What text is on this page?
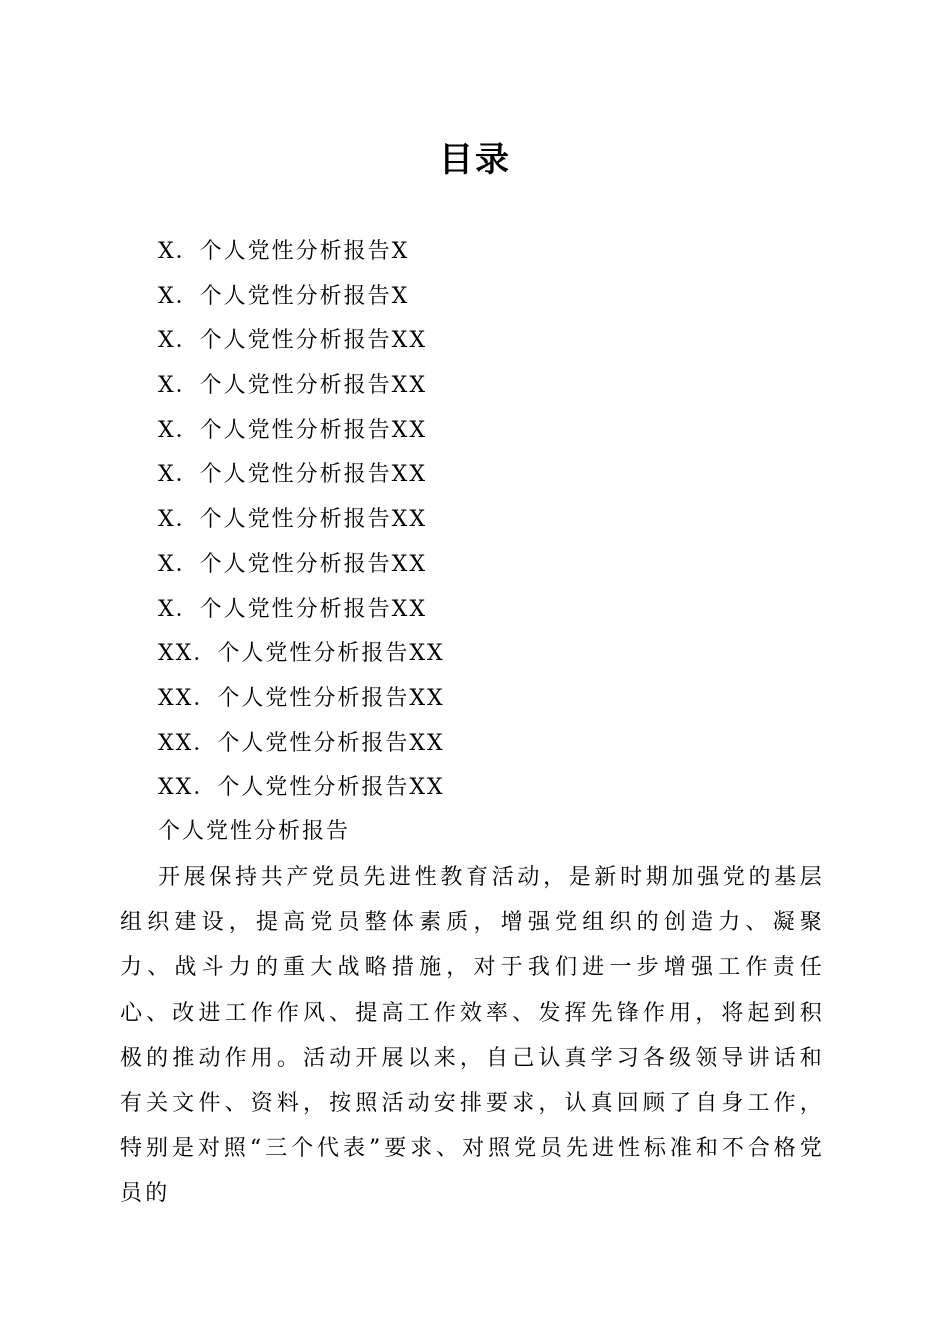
目录
X．个人党性分析报告X
X．个人党性分析报告X
X．个人党性分析报告XX
X．个人党性分析报告XX
X．个人党性分析报告XX
X．个人党性分析报告XX
X．个人党性分析报告XX
X．个人党性分析报告XX
X．个人党性分析报告XX
XX．个人党性分析报告XX
XX．个人党性分析报告XX
XX．个人党性分析报告XX
XX．个人党性分析报告XX
个人党性分析报告

开展保持共产党员先进性教育活动，是新时期加强党的基层组织建设，提高党员整体素质，增强党组织的创造力、凝聚力、战斗力的重大战略措施，对于我们进一步增强工作责任心、改进工作作风、提高工作效率、发挥先锋作用，将起到积极的推动作用。活动开展以来，自己认真学习各级领导讲话和有关文件、资料，按照活动安排要求，认真回顾了自身工作，特别是对照“三个代表”要求、对照党员先进性标准和不合格党员的
